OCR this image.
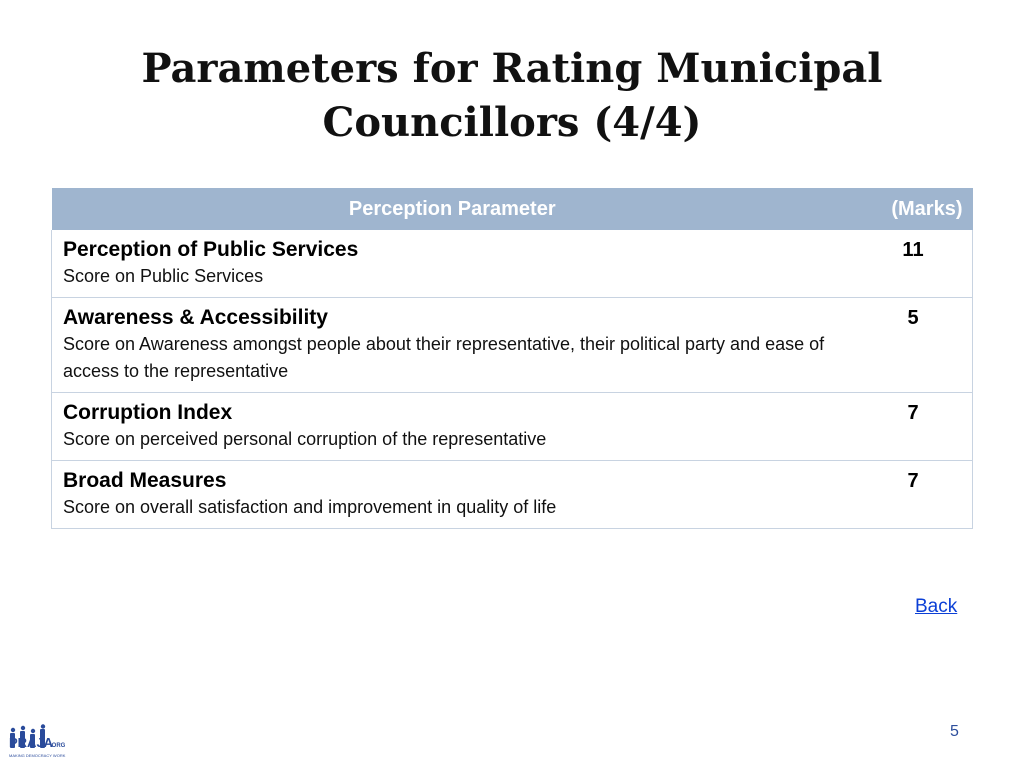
Parameters for Rating Municipal Councillors (4/4)
Perception Parameter	(Marks)

Perception of Public Services
Score on Public Services	11

Awareness & Accessibility
Score on Awareness amongst people about their representative, their political party and ease of access to the representative	5

Corruption Index
Score on perceived personal corruption of the representative	7

Broad Measures
Score on overall satisfaction and improvement in quality of life	7
Back
5
PRAJA
.ORG
MAKING DEMOCRACY WORK
